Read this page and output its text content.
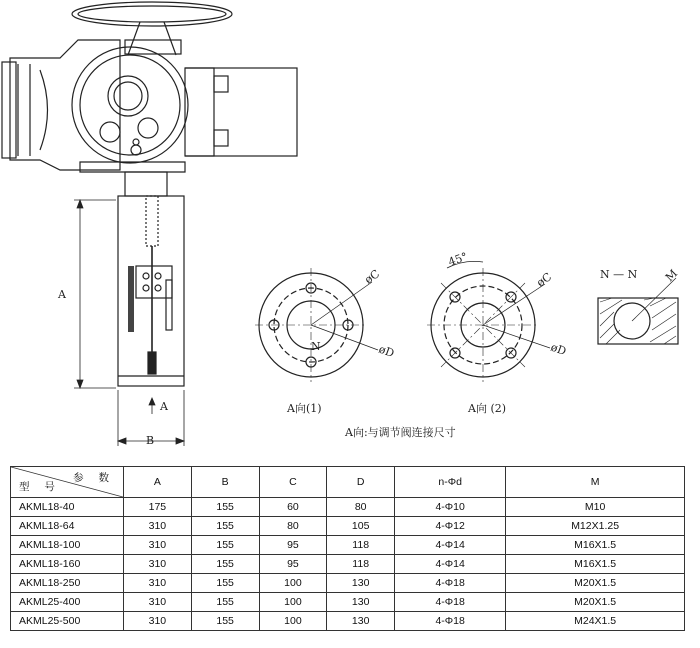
A
B
A
øC
øD
N
A向(1)
45°
øC
øD
A向 (2)
N — N M
A向:与调节阀连接尺寸
参 数
型 号	A	B	C	D	n-Φd	M
AKML18-40	175	155	60	80	4-Φ10	M10
AKML18-64	310	155	80	105	4-Φ12	M12X1.25
AKML18-100	310	155	95	118	4-Φ14	M16X1.5
AKML18-160	310	155	95	118	4-Φ14	M16X1.5
AKML18-250	310	155	100	130	4-Φ18	M20X1.5
AKML25-400	310	155	100	130	4-Φ18	M20X1.5
AKML25-500	310	155	100	130	4-Φ18	M24X1.5
